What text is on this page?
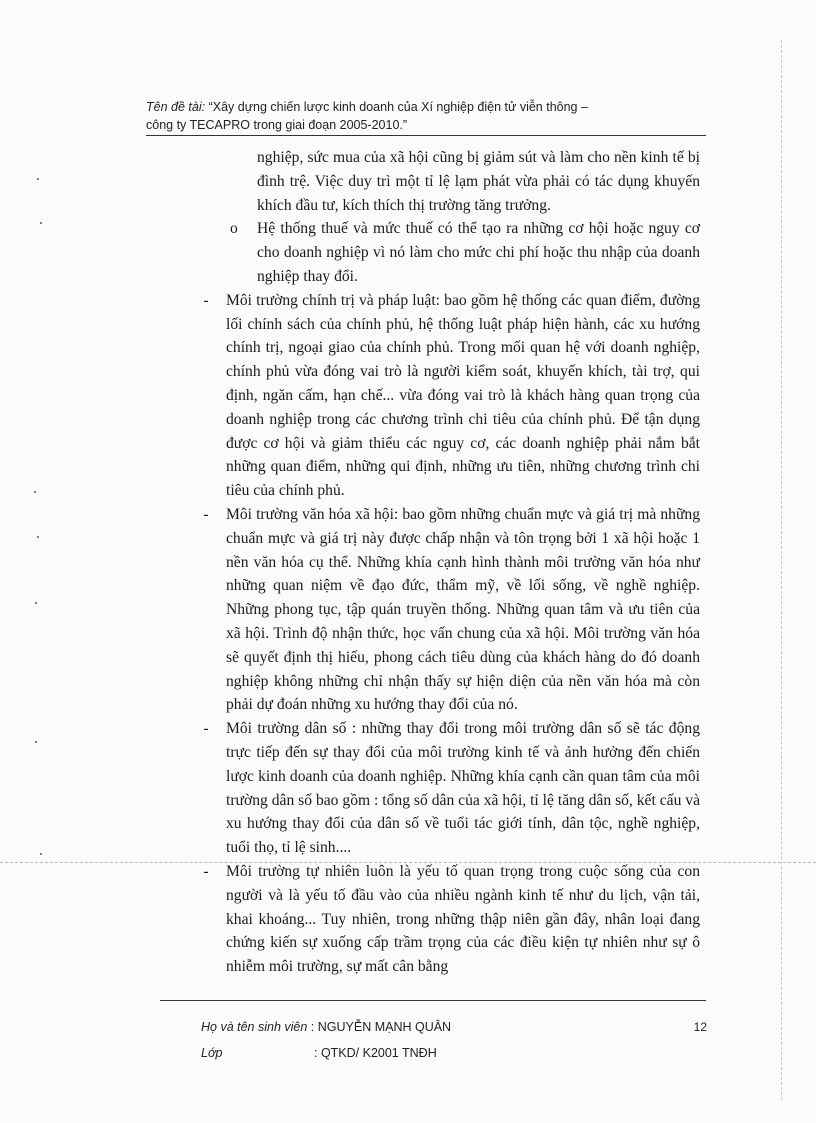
Tên đề tài: “Xây dựng chiến lược kinh doanh của Xí nghiệp điện tử viễn thông –
công ty TECAPRO trong giai đoạn 2005-2010.”

nghiệp, sức mua của xã hội cũng bị giảm sút và làm cho nền kinh tế bị đình trệ. Việc duy trì một tỉ lệ lạm phát vừa phải có tác dụng khuyến khích đầu tư, kích thích thị trường tăng trưởng.

o Hệ thống thuế và mức thuế có thể tạo ra những cơ hội hoặc nguy cơ cho doanh nghiệp vì nó làm cho mức chi phí hoặc thu nhập của doanh nghiệp thay đổi.

- Môi trường chính trị và pháp luật: bao gồm hệ thống các quan điểm, đường lối chính sách của chính phủ, hệ thống luật pháp hiện hành, các xu hướng chính trị, ngoại giao của chính phủ. Trong mối quan hệ với doanh nghiệp, chính phủ vừa đóng vai trò là người kiểm soát, khuyến khích, tài trợ, qui định, ngăn cấm, hạn chế... vừa đóng vai trò là khách hàng quan trọng của doanh nghiệp trong các chương trình chi tiêu của chính phủ. Để tận dụng được cơ hội và giảm thiểu các nguy cơ, các doanh nghiệp phải nắm bắt những quan điểm, những qui định, những ưu tiên, những chương trình chi tiêu của chính phủ.

- Môi trường văn hóa xã hội: bao gồm những chuẩn mực và giá trị mà những chuẩn mực và giá trị này được chấp nhận và tôn trọng bởi 1 xã hội hoặc 1 nền văn hóa cụ thể. Những khía cạnh hình thành môi trường văn hóa như những quan niệm về đạo đức, thẩm mỹ, về lối sống, về nghề nghiệp. Những phong tục, tập quán truyền thống. Những quan tâm và ưu tiên của xã hội. Trình độ nhận thức, học vấn chung của xã hội. Môi trường văn hóa sẽ quyết định thị hiếu, phong cách tiêu dùng của khách hàng do đó doanh nghiệp không những chỉ nhận thấy sự hiện diện của nền văn hóa mà còn phải dự đoán những xu hướng thay đổi của nó.

- Môi trường dân số : những thay đổi trong môi trường dân số sẽ tác động trực tiếp đến sự thay đổi của môi trường kinh tế và ảnh hưởng đến chiến lược kinh doanh của doanh nghiệp. Những khía cạnh cần quan tâm của môi trường dân số bao gồm : tổng số dân của xã hội, tỉ lệ tăng dân số, kết cấu và xu hướng thay đổi của dân số về tuổi tác giới tính, dân tộc, nghề nghiệp, tuổi thọ, tỉ lệ sinh....

- Môi trường tự nhiên luôn là yếu tố quan trọng trong cuộc sống của con người và là yếu tố đầu vào của nhiều ngành kinh tế như du lịch, vận tải, khai khoáng... Tuy nhiên, trong những thập niên gần đây, nhân loại đang chứng kiến sự xuống cấp trầm trọng của các điều kiện tự nhiên như sự ô nhiễm môi trường, sự mất cân bằng

Họ và tên sinh viên : NGUYỄN MẠNH QUÂN	12
Lớp	: QTKD/ K2001 TNĐH
